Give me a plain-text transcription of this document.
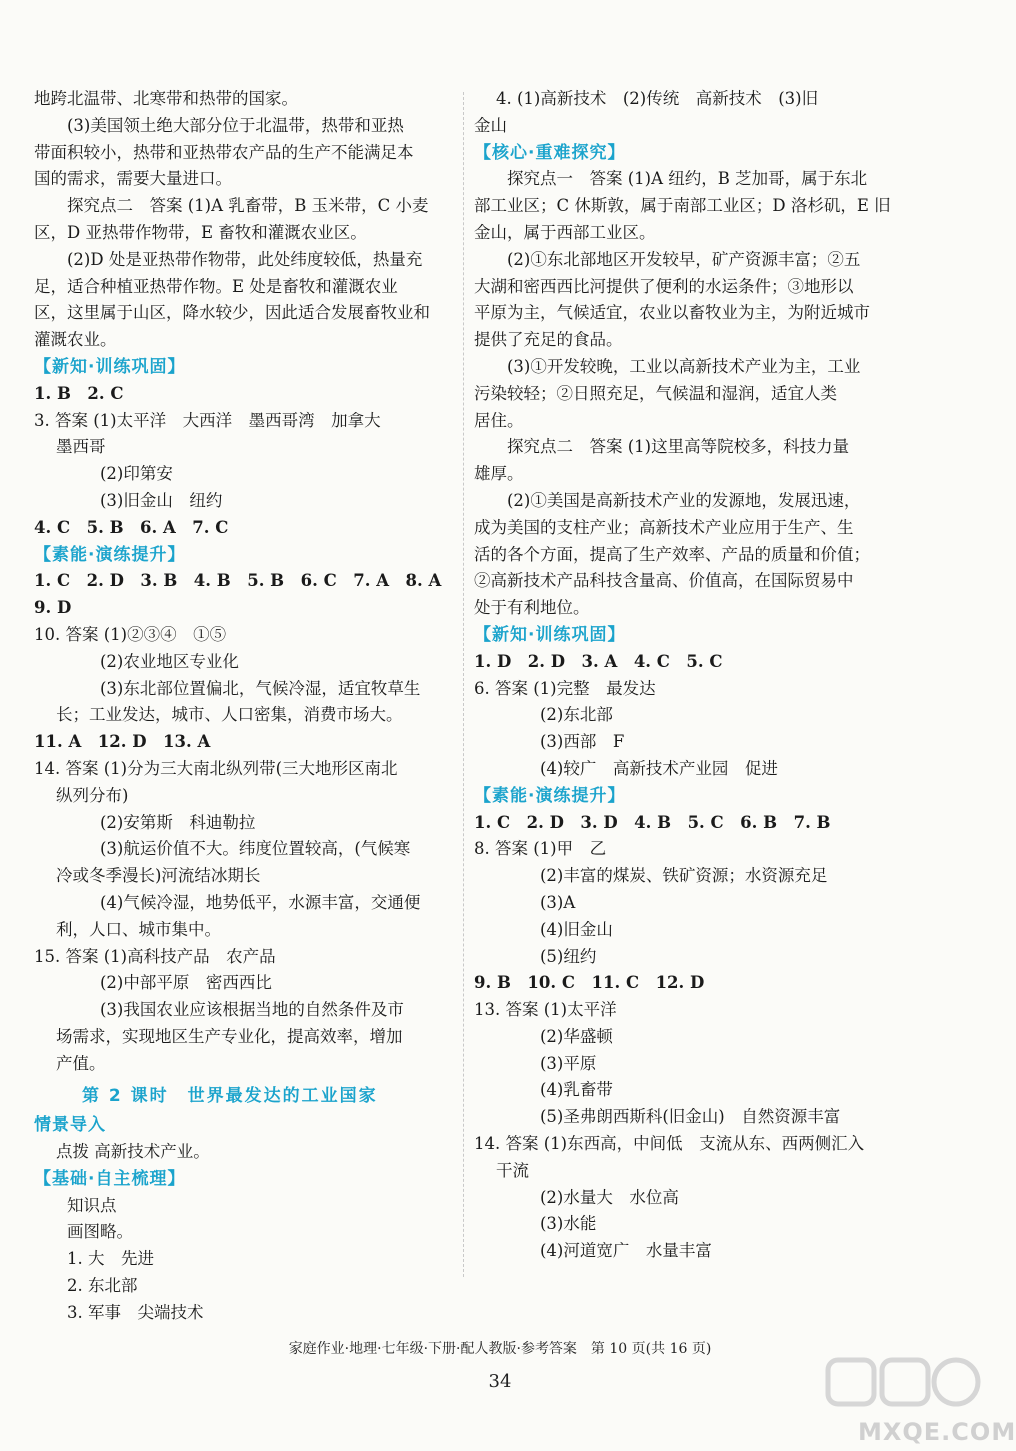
地跨北温带、北寒带和热带的国家。
(3)美国领土绝大部分位于北温带，热带和亚热
带面积较小，热带和亚热带农产品的生产不能满足本
国的需求，需要大量进口。
探究点二　答案 (1)A 乳畜带，B 玉米带，C 小麦
区，D 亚热带作物带，E 畜牧和灌溉农业区。
(2)D 处是亚热带作物带，此处纬度较低，热量充
足，适合种植亚热带作物。E 处是畜牧和灌溉农业
区，这里属于山区，降水较少，因此适合发展畜牧业和
灌溉农业。
【新知·训练巩固】
1. B　2. C
3. 答案 (1)太平洋　大西洋　墨西哥湾　加拿大
墨西哥
(2)印第安
(3)旧金山　纽约
4. C　5. B　6. A　7. C
【素能·演练提升】
1. C　2. D　3. B　4. B　5. B　6. C　7. A　8. A
9. D
10. 答案 (1)②③④　①⑤
(2)农业地区专业化
(3)东北部位置偏北，气候冷湿，适宜牧草生
长；工业发达，城市、人口密集，消费市场大。
11. A　12. D　13. A
14. 答案 (1)分为三大南北纵列带(三大地形区南北
纵列分布)
(2)安第斯　科迪勒拉
(3)航运价值不大。纬度位置较高，(气候寒
冷或冬季漫长)河流结冰期长
(4)气候冷湿，地势低平，水源丰富，交通便
利，人口、城市集中。
15. 答案 (1)高科技产品　农产品
(2)中部平原　密西西比
(3)我国农业应该根据当地的自然条件及市
场需求，实现地区生产专业化，提高效率，增加
产值。
第 2 课时　世界最发达的工业国家
情景导入
点拨 高新技术产业。
【基础·自主梳理】
知识点
画图略。
1. 大　先进
2. 东北部
3. 军事　尖端技术
4. (1)高新技术　(2)传统　高新技术　(3)旧
金山
【核心·重难探究】
探究点一　答案 (1)A 纽约，B 芝加哥，属于东北
部工业区；C 休斯敦，属于南部工业区；D 洛杉矶，E 旧
金山，属于西部工业区。
(2)①东北部地区开发较早，矿产资源丰富；②五
大湖和密西西比河提供了便利的水运条件；③地形以
平原为主，气候适宜，农业以畜牧业为主，为附近城市
提供了充足的食品。
(3)①开发较晚，工业以高新技术产业为主，工业
污染较轻；②日照充足，气候温和湿润，适宜人类
居住。
探究点二　答案 (1)这里高等院校多，科技力量
雄厚。
(2)①美国是高新技术产业的发源地，发展迅速，
成为美国的支柱产业；高新技术产业应用于生产、生
活的各个方面，提高了生产效率、产品的质量和价值；
②高新技术产品科技含量高、价值高，在国际贸易中
处于有利地位。
【新知·训练巩固】
1. D　2. D　3. A　4. C　5. C
6. 答案 (1)完整　最发达
(2)东北部
(3)西部　F
(4)较广　高新技术产业园　促进
【素能·演练提升】
1. C　2. D　3. D　4. B　5. C　6. B　7. B
8. 答案 (1)甲　乙
(2)丰富的煤炭、铁矿资源；水资源充足
(3)A
(4)旧金山
(5)纽约
9. B　10. C　11. C　12. D
13. 答案 (1)太平洋
(2)华盛顿
(3)平原
(4)乳畜带
(5)圣弗朗西斯科(旧金山)　自然资源丰富
14. 答案 (1)东西高，中间低　支流从东、西两侧汇入
干流
(2)水量大　水位高
(3)水能
(4)河道宽广　水量丰富
家庭作业·地理·七年级·下册·配人教版·参考答案　第 10 页(共 16 页)
34
MXQE.COM
